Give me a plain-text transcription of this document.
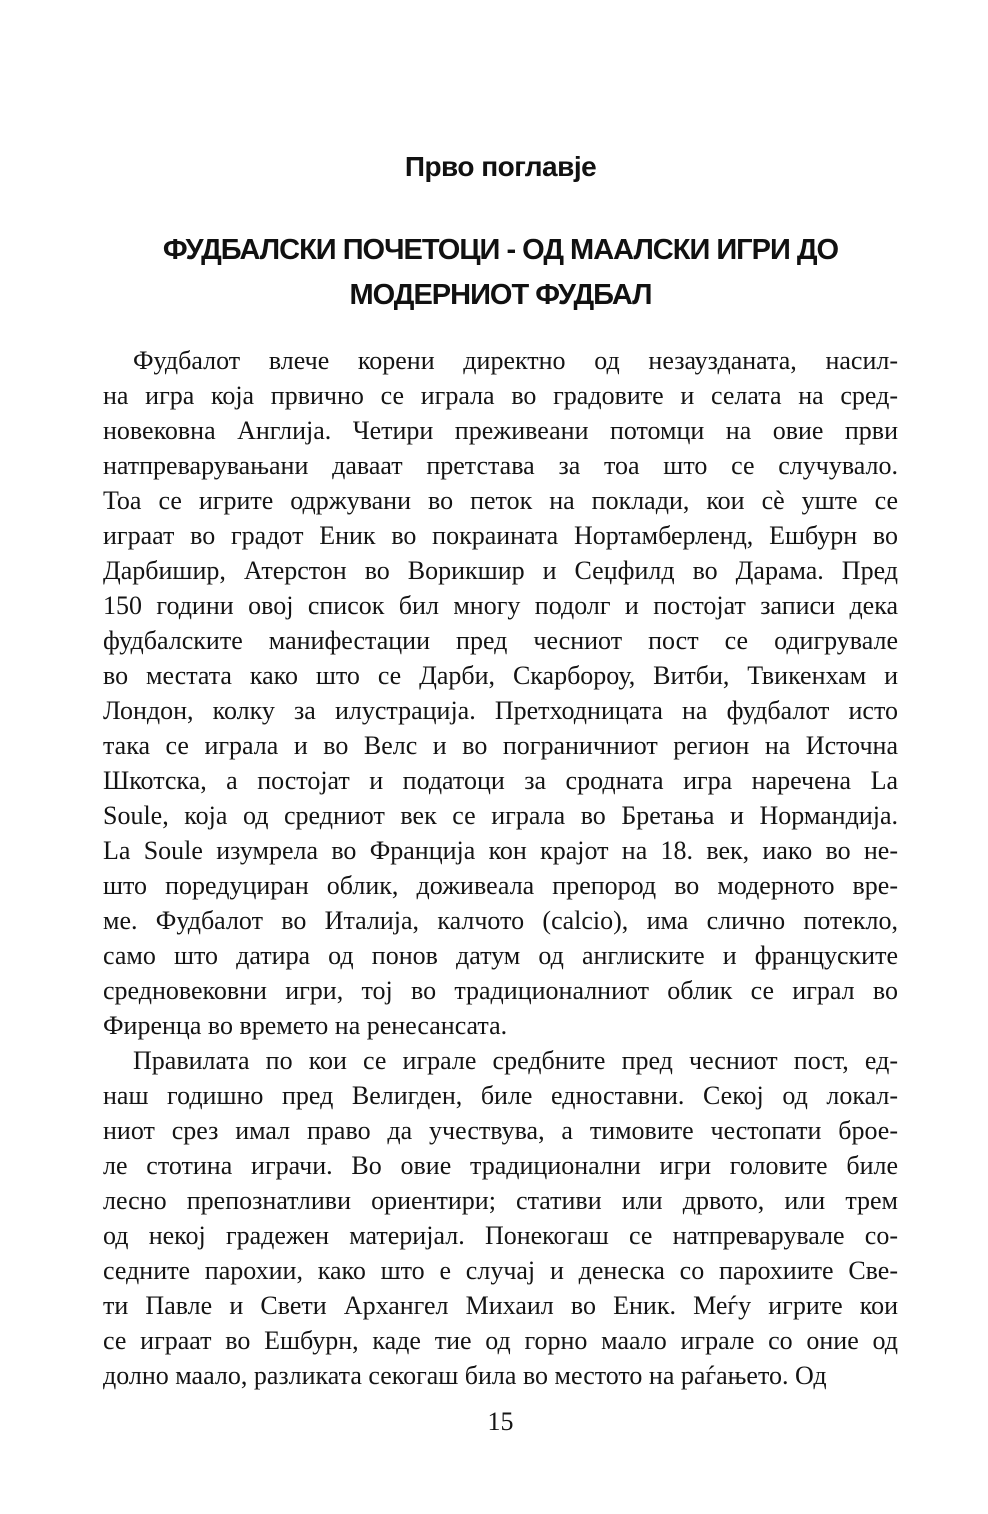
Прво поглавје
ФУДБАЛСКИ ПОЧЕТОЦИ - ОД МААЛСКИ ИГРИ ДО МОДЕРНИОТ ФУДБАЛ
Фудбалот влече корени директно од незаузданата, насил-
на игра која првично се играла во градовите и селата на сред-
новековна Англија. Четири преживеани потомци на овие први
натпреварувањани даваат претстава за тоа што се случувало.
Тоа се игрите одржувани во петок на поклади, кои сѐ уште се
играат во градот Еник во покраината Нортамберленд, Ешбурн во
Дарбишир, Атерстон во Ворикшир и Сеџфилд во Дарама. Пред
150 години овој список бил многу подолг и постојат записи дека
фудбалските манифестации пред чесниот пост се одигрувале
во местата како што се Дарби, Скарбороу, Витби, Твикенхам и
Лондон, колку за илустрација. Претходницата на фудбалот исто
така се играла и во Велс и во пограничниот регион на Источна
Шкотска, а постојат и податоци за сродната игра наречена La
Soule, која од средниот век се играла во Бретања и Нормандија.
La Soule изумрела во Франција кон крајот на 18. век, иако во не-
што поредуциран облик, доживеала препород во модерното вре-
ме. Фудбалот во Италија, калчото (calcio), има слично потекло,
само што датира од понов датум од англиските и француските
средновековни игри, тој во традиционалниот облик се играл во
Фиренца во времето на ренесансата.
Правилата по кои се играле средбните пред чесниот пост, ед-
наш годишно пред Велигден, биле едноставни. Секој од локал-
ниот срез имал право да учествува, а тимовите честопати брое-
ле стотина играчи. Во овие традиционални игри головите биле
лесно препознатливи ориентири; стативи или дрвото, или трем
од некој градежен материјал. Понекогаш се натпреварувале со-
седните парохии, како што е случај и денеска со парохиите Све-
ти Павле и Свети Архангел Михаил во Еник. Меѓу игрите кои
се играат во Ешбурн, каде тие од горно маало играле со оние од
долно маало, разликата секогаш била во местото на раѓањето. Од
15
